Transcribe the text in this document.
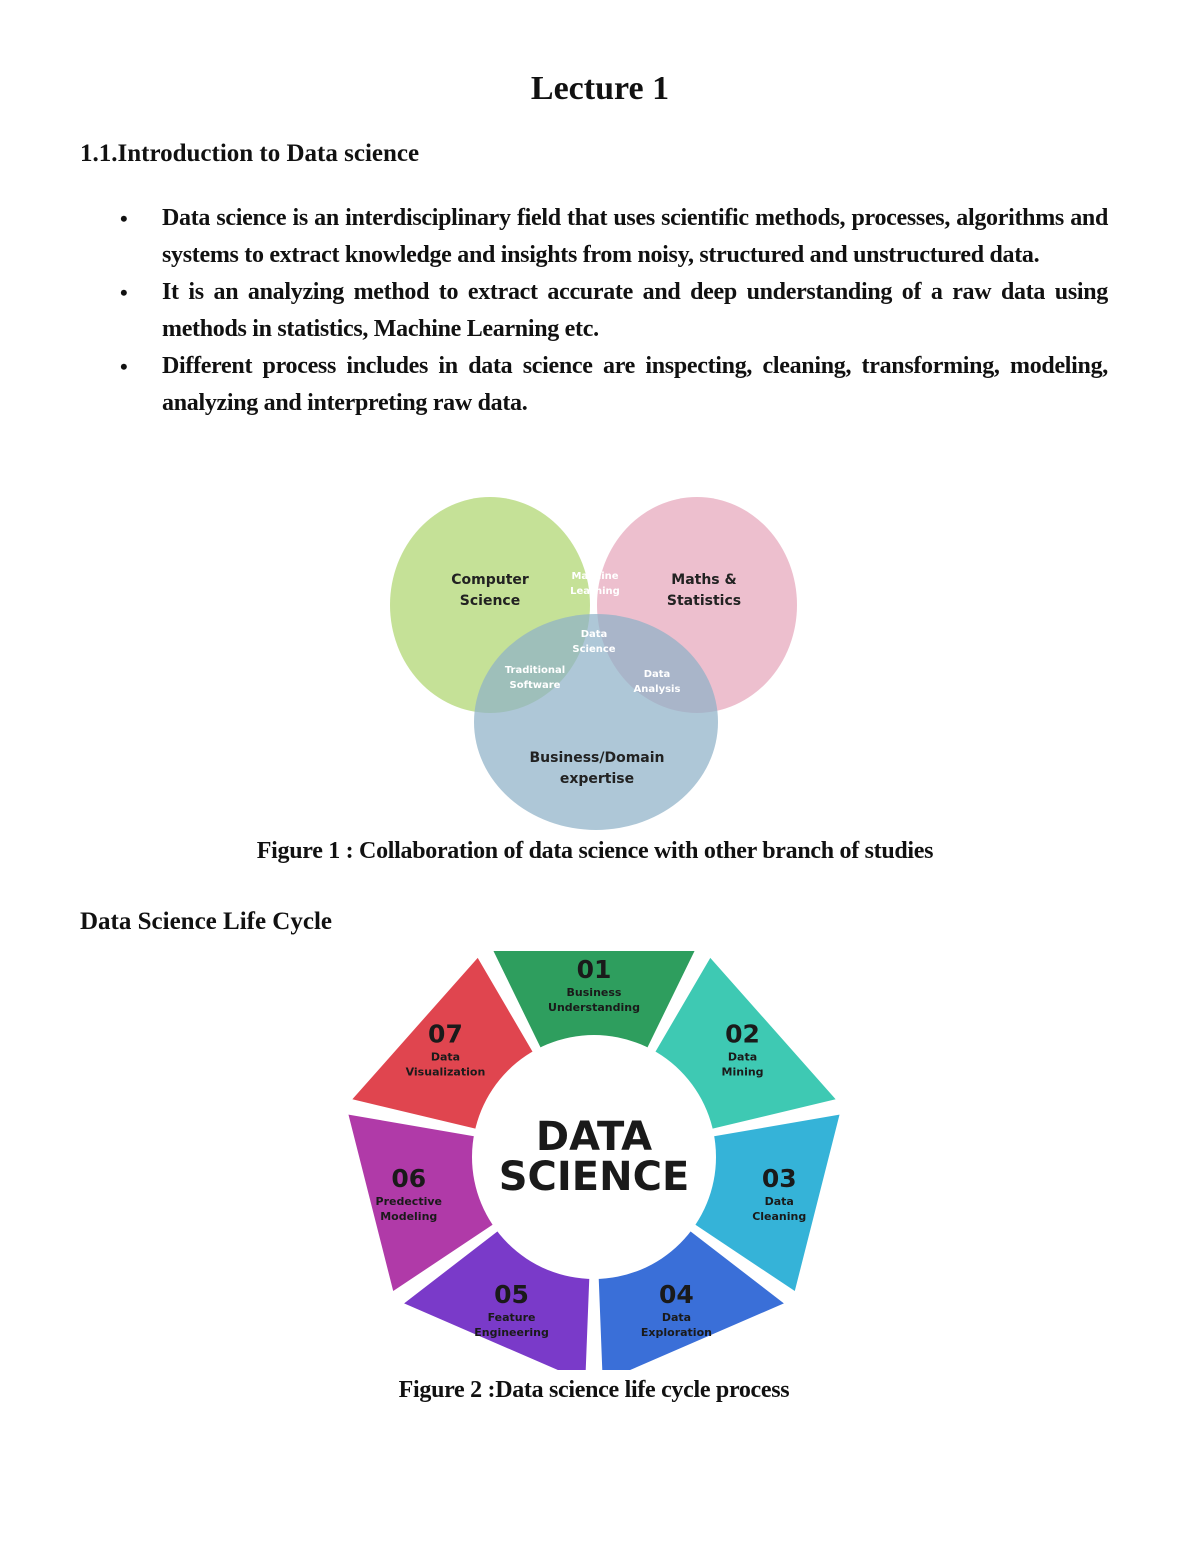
Lecture 1
1.1.Introduction to Data science
• Data science is an interdisciplinary field that uses scientific methods, processes, algorithms and systems to extract knowledge and insights from noisy, structured and unstructured data.
• It is an analyzing method to extract accurate and deep understanding of a raw data using methods in statistics, Machine Learning etc.
• Different process includes in data science are inspecting, cleaning, transforming, modeling, analyzing and interpreting raw data.
Computer
Science
Maths &
Statistics
Business/Domain
expertise
Machine
Learning
Data
Science
Traditional
Software
Data
Analysis
Figure 1 : Collaboration of data science with other branch of studies
Data Science Life Cycle
01
Business
Understanding
02
Data
Mining
03
Data
Cleaning
04
Data
Exploration
05
Feature
Engineering
06
Predective
Modeling
07
Data
Visualization
DATA
SCIENCE
Figure 2 :Data science life cycle process
